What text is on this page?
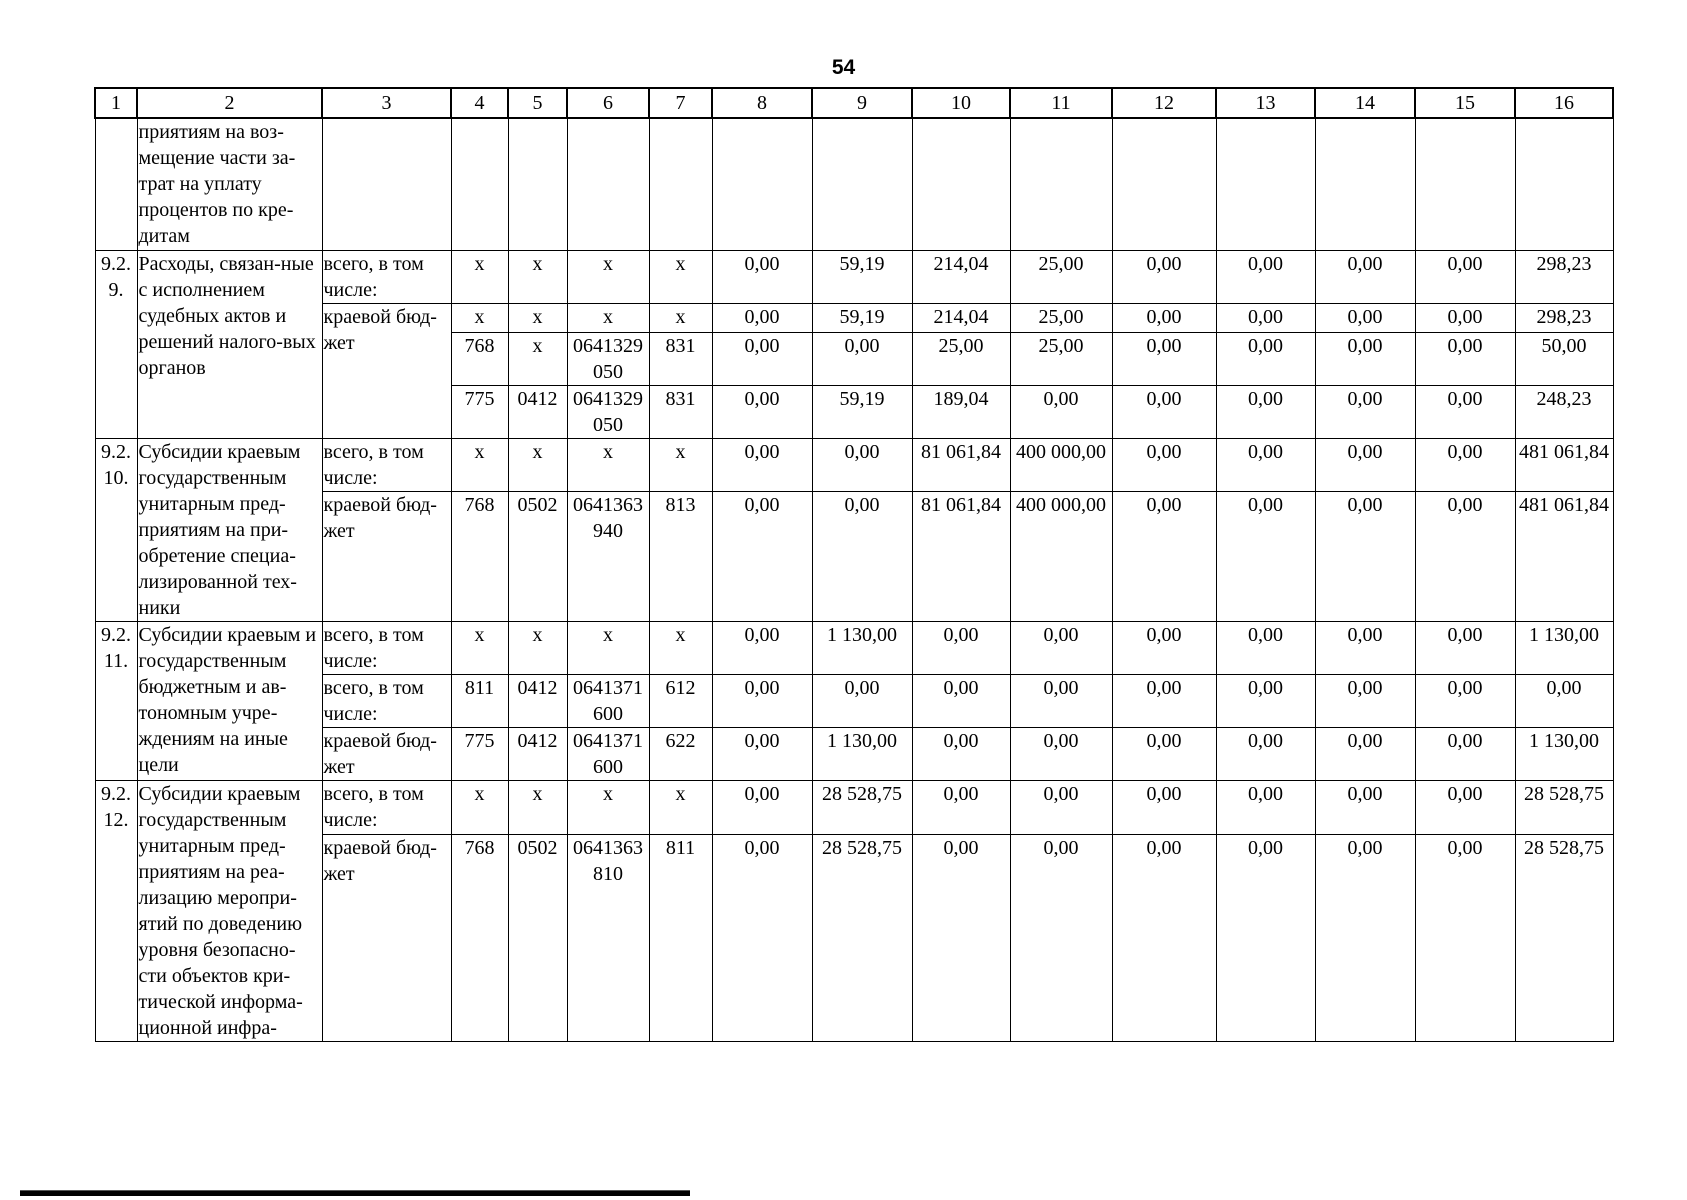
54
1	2	3	4	5	6	7	8	9	10	11	12	13	14	15	16
	приятиям на воз-мещение части за-трат на уплату процентов по кре-дитам														
9.2. 9.	Расходы, связан-ные с исполнением судебных актов и решений налого-вых органов	всего, в том числе:	х	х	х	х	0,00	59,19	214,04	25,00	0,00	0,00	0,00	0,00	298,23
		краевой бюд-жет	х	х	х	х	0,00	59,19	214,04	25,00	0,00	0,00	0,00	0,00	298,23
			768	х	0641329 050	831	0,00	0,00	25,00	25,00	0,00	0,00	0,00	0,00	50,00
			775	0412	0641329 050	831	0,00	59,19	189,04	0,00	0,00	0,00	0,00	0,00	248,23
9.2. 10.	Субсидии краевым государственным унитарным пред-приятиям на при-обретение специа-лизированной тех-ники	всего, в том числе:	х	х	х	х	0,00	0,00	81 061,84	400 000,00	0,00	0,00	0,00	0,00	481 061,84
		краевой бюд-жет	768	0502	0641363 940	813	0,00	0,00	81 061,84	400 000,00	0,00	0,00	0,00	0,00	481 061,84
9.2. 11.	Субсидии краевым и государственным бюджетным и ав-тономным учре-ждениям на иные цели	всего, в том числе:	х	х	х	х	0,00	1 130,00	0,00	0,00	0,00	0,00	0,00	0,00	1 130,00
		всего, в том числе:	811	0412	0641371 600	612	0,00	0,00	0,00	0,00	0,00	0,00	0,00	0,00	0,00
		краевой бюд-жет	775	0412	0641371 600	622	0,00	1 130,00	0,00	0,00	0,00	0,00	0,00	0,00	1 130,00
9.2. 12.	Субсидии краевым государственным унитарным пред-приятиям на реа-лизацию меропри-ятий по доведению уровня безопасно-сти объектов кри-тической информа-ционной инфра-	всего, в том числе:	х	х	х	х	0,00	28 528,75	0,00	0,00	0,00	0,00	0,00	0,00	28 528,75
		краевой бюд-жет	768	0502	0641363 810	811	0,00	28 528,75	0,00	0,00	0,00	0,00	0,00	0,00	28 528,75
